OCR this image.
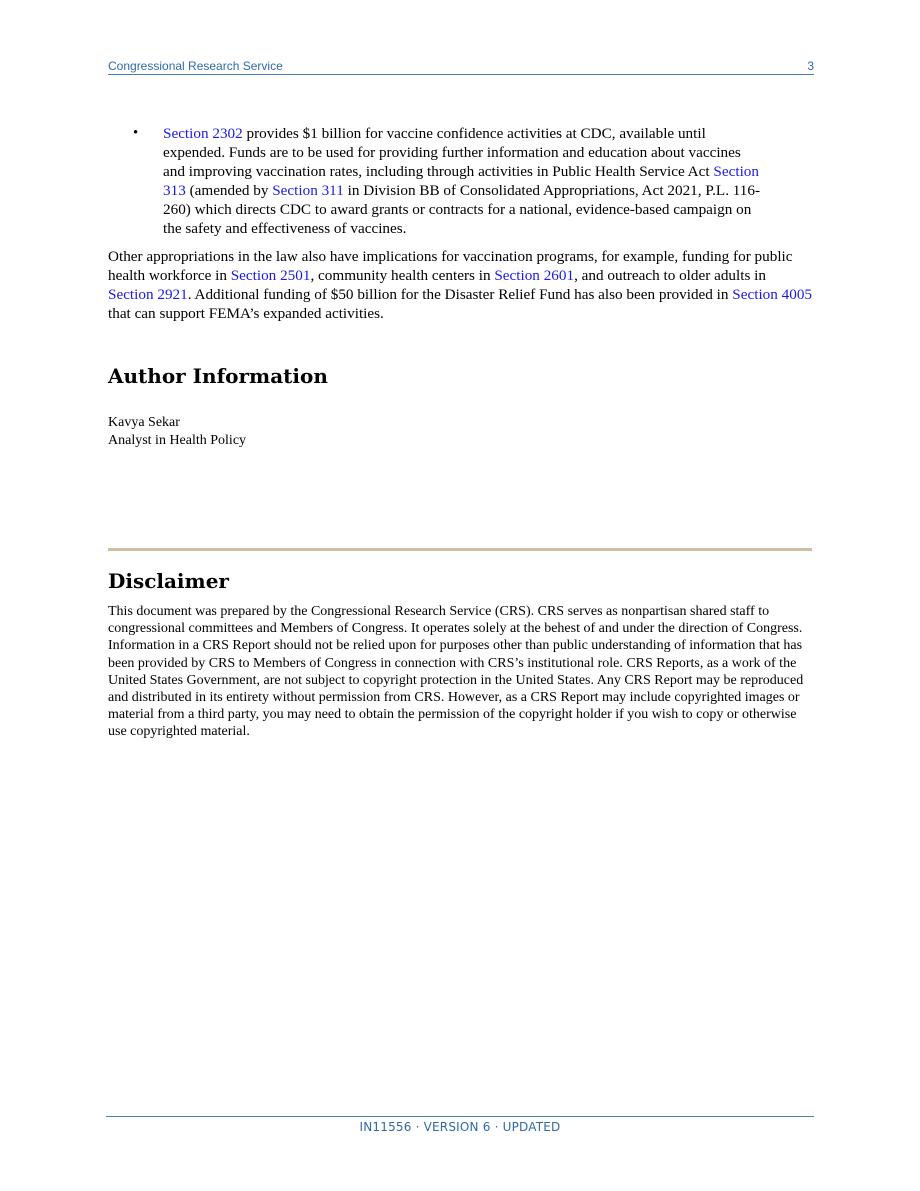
Congressional Research Service	3
• Section 2302 provides $1 billion for vaccine confidence activities at CDC, available until expended. Funds are to be used for providing further information and education about vaccines and improving vaccination rates, including through activities in Public Health Service Act Section 313 (amended by Section 311 in Division BB of Consolidated Appropriations, Act 2021, P.L. 116-260) which directs CDC to award grants or contracts for a national, evidence-based campaign on the safety and effectiveness of vaccines.
Other appropriations in the law also have implications for vaccination programs, for example, funding for public health workforce in Section 2501, community health centers in Section 2601, and outreach to older adults in Section 2921. Additional funding of $50 billion for the Disaster Relief Fund has also been provided in Section 4005 that can support FEMA’s expanded activities.
Author Information
Kavya Sekar
Analyst in Health Policy
Disclaimer
This document was prepared by the Congressional Research Service (CRS). CRS serves as nonpartisan shared staff to congressional committees and Members of Congress. It operates solely at the behest of and under the direction of Congress. Information in a CRS Report should not be relied upon for purposes other than public understanding of information that has been provided by CRS to Members of Congress in connection with CRS’s institutional role. CRS Reports, as a work of the United States Government, are not subject to copyright protection in the United States. Any CRS Report may be reproduced and distributed in its entirety without permission from CRS. However, as a CRS Report may include copyrighted images or material from a third party, you may need to obtain the permission of the copyright holder if you wish to copy or otherwise use copyrighted material.
IN11556 · VERSION 6 · UPDATED
